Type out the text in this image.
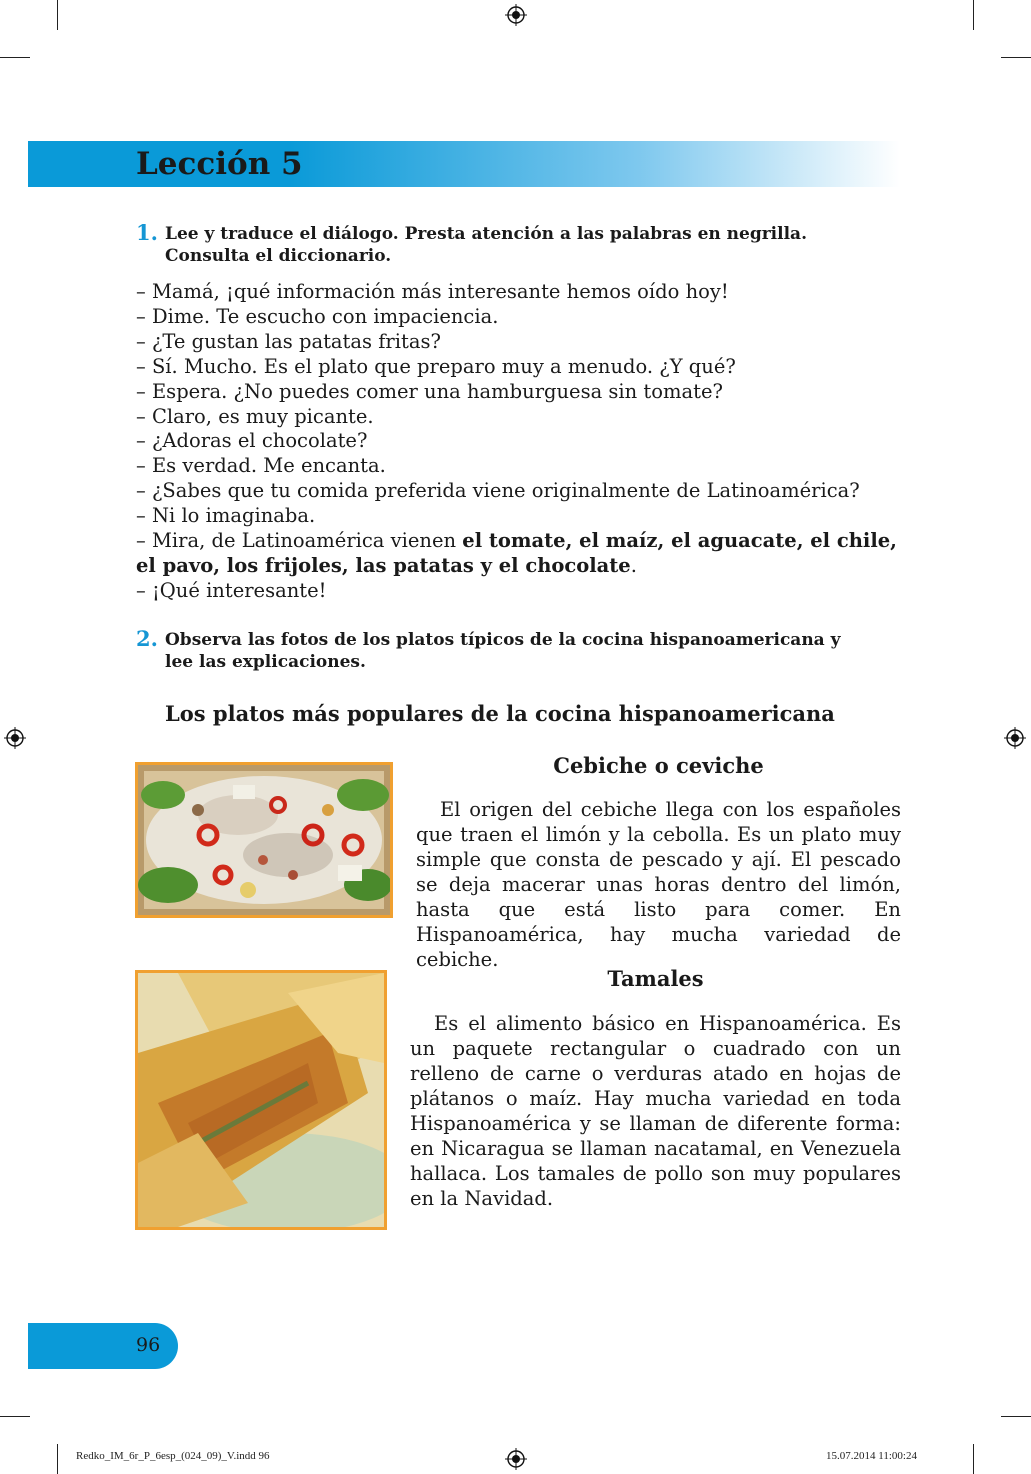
Lección 5
1. Lee y traduce el diálogo. Presta atención a las palabras en negrilla.
Consulta el diccionario.

– Mamá, ¡qué información más interesante hemos oído hoy!
– Dime. Te escucho con impaciencia.
– ¿Te gustan las patatas fritas?
– Sí. Mucho. Es el plato que preparo muy a menudo. ¿Y qué?
– Espera. ¿No puedes comer una hamburguesa sin tomate?
– Claro, es muy picante.
– ¿Adoras el chocolate?
– Es verdad. Me encanta.
– ¿Sabes que tu comida preferida viene originalmente de Latinoamérica?
– Ni lo imaginaba.
– Mira, de Latinoamérica vienen el tomate, el maíz, el aguacate, el chile,
el pavo, los frijoles, las patatas y el chocolate.
– ¡Qué interesante!
2. Observa las fotos de los platos típicos de la cocina hispanoamericana y
lee las explicaciones.

Los platos más populares de la cocina hispanoamericana
Cebiche o ceviche

El origen del cebiche llega con los españoles que traen el limón y la cebolla. Es un plato muy simple que consta de pescado y ají. El pescado se deja macerar unas horas dentro del limón, hasta que está listo para comer. En Hispanoamérica, hay mucha variedad de cebiche.

Tamales

Es el alimento básico en Hispanoamérica. Es un paquete rectangular o cuadrado con un relleno de carne o verduras atado en hojas de plátanos o maíz. Hay mucha variedad en toda Hispanoamérica y se llaman de diferente forma: en Nicaragua se llaman nacatamal, en Venezuela hallaca. Los tamales de pollo son muy populares en la Navidad.

96
Redko_IM_6r_P_6esp_(024_09)_V.indd 96	15.07.2014 11:00:24
